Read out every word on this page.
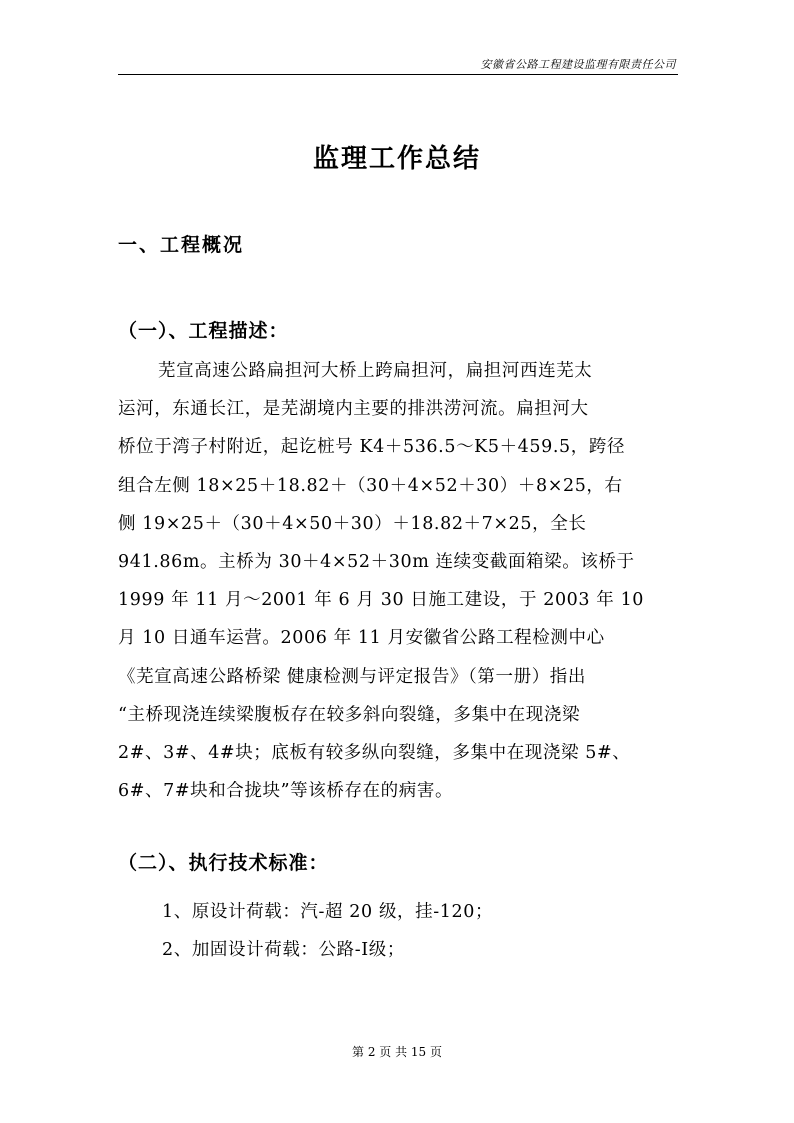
安徽省公路工程建设监理有限责任公司
监理工作总结
一、工程概况
（一）、工程描述：
芜宣高速公路扁担河大桥上跨扁担河，扁担河西连芜太
运河，东通长江，是芜湖境内主要的排洪涝河流。扁担河大
桥位于湾子村附近，起讫桩号 K4＋536.5～K5＋459.5，跨径
组合左侧 18×25＋18.82＋（30＋4×52＋30）＋8×25，右
侧 19×25＋（30＋4×50＋30）＋18.82＋7×25，全长
941.86m。主桥为 30＋4×52＋30m 连续变截面箱梁。该桥于
1999 年 11 月～2001 年 6 月 30 日施工建设，于 2003 年 10
月 10 日通车运营。2006 年 11 月安徽省公路工程检测中心
《芜宣高速公路桥梁 健康检测与评定报告》（第一册）指出
“主桥现浇连续梁腹板存在较多斜向裂缝，多集中在现浇梁
2#、3#、4#块；底板有较多纵向裂缝，多集中在现浇梁 5#、
6#、7#块和合拢块”等该桥存在的病害。
（二）、执行技术标准：
1、原设计荷载：汽-超 20 级，挂-120；
2、加固设计荷载：公路-Ⅰ级；
第 2 页 共 15 页
